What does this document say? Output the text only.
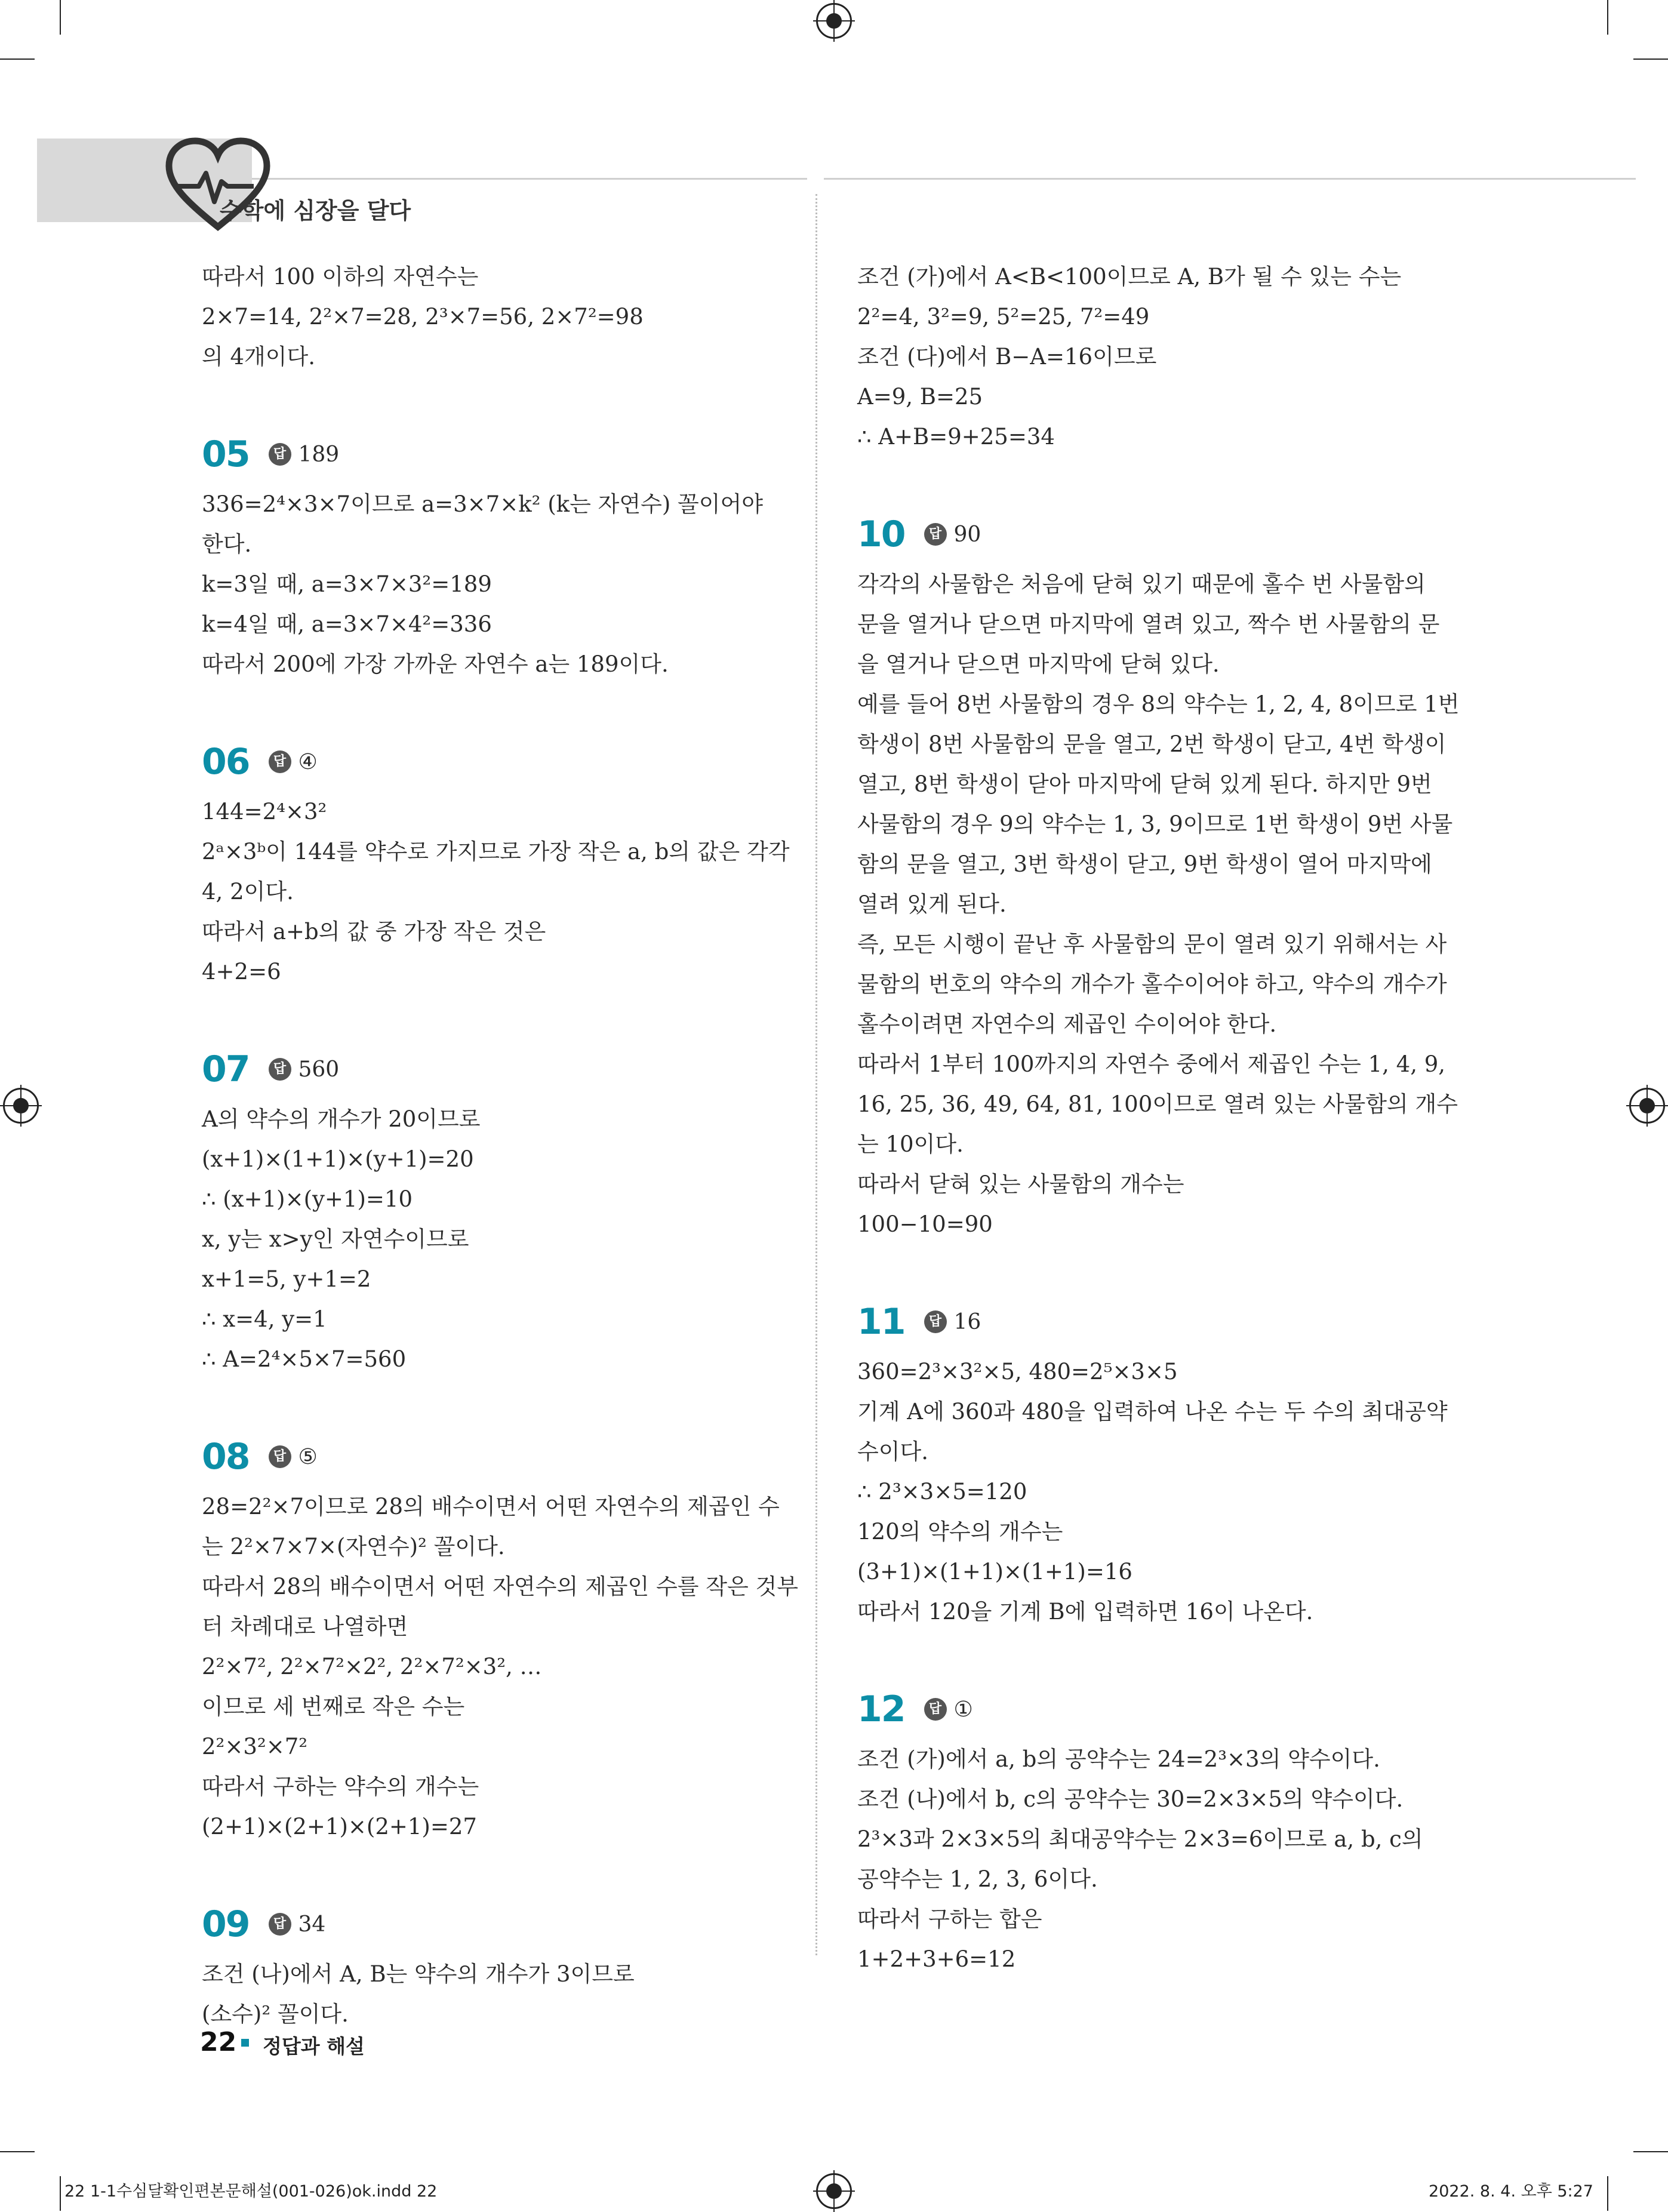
수학에 심장을 달다
따라서 100 이하의 자연수는
2×7=14, 2²×7=28, 2³×7=56, 2×7²=98
의 4개이다.
05	답 189
336=2⁴×3×7이므로 a=3×7×k² (k는 자연수) 꼴이어야
한다.
k=3일 때, a=3×7×3²=189
k=4일 때, a=3×7×4²=336
따라서 200에 가장 가까운 자연수 a는 189이다.
06	답 ④
144=2⁴×3²
2ᵃ×3ᵇ이 144를 약수로 가지므로 가장 작은 a, b의 값은 각각
4, 2이다.
따라서 a+b의 값 중 가장 작은 것은
4+2=6
07	답 560
A의 약수의 개수가 20이므로
(x+1)×(1+1)×(y+1)=20
∴ (x+1)×(y+1)=10
x, y는 x>y인 자연수이므로
x+1=5, y+1=2
∴ x=4, y=1
∴ A=2⁴×5×7=560
08	답 ⑤
28=2²×7이므로 28의 배수이면서 어떤 자연수의 제곱인 수
는 2²×7×7×(자연수)² 꼴이다.
따라서 28의 배수이면서 어떤 자연수의 제곱인 수를 작은 것부
터 차례대로 나열하면
2²×7², 2²×7²×2², 2²×7²×3², …
이므로 세 번째로 작은 수는
2²×3²×7²
따라서 구하는 약수의 개수는
(2+1)×(2+1)×(2+1)=27
09	답 34
조건 (나)에서 A, B는 약수의 개수가 3이므로
(소수)² 꼴이다.
조건 (가)에서 A<B<100이므로 A, B가 될 수 있는 수는
2²=4, 3²=9, 5²=25, 7²=49
조건 (다)에서 B−A=16이므로
A=9, B=25
∴ A+B=9+25=34
10	답 90
각각의 사물함은 처음에 닫혀 있기 때문에 홀수 번 사물함의
문을 열거나 닫으면 마지막에 열려 있고, 짝수 번 사물함의 문
을 열거나 닫으면 마지막에 닫혀 있다.
예를 들어 8번 사물함의 경우 8의 약수는 1, 2, 4, 8이므로 1번
학생이 8번 사물함의 문을 열고, 2번 학생이 닫고, 4번 학생이
열고, 8번 학생이 닫아 마지막에 닫혀 있게 된다. 하지만 9번
사물함의 경우 9의 약수는 1, 3, 9이므로 1번 학생이 9번 사물
함의 문을 열고, 3번 학생이 닫고, 9번 학생이 열어 마지막에
열려 있게 된다.
즉, 모든 시행이 끝난 후 사물함의 문이 열려 있기 위해서는 사
물함의 번호의 약수의 개수가 홀수이어야 하고, 약수의 개수가
홀수이려면 자연수의 제곱인 수이어야 한다.
따라서 1부터 100까지의 자연수 중에서 제곱인 수는 1, 4, 9,
16, 25, 36, 49, 64, 81, 100이므로 열려 있는 사물함의 개수
는 10이다.
따라서 닫혀 있는 사물함의 개수는
100−10=90
11	답 16
360=2³×3²×5, 480=2⁵×3×5
기계 A에 360과 480을 입력하여 나온 수는 두 수의 최대공약
수이다.
∴ 2³×3×5=120
120의 약수의 개수는
(3+1)×(1+1)×(1+1)=16
따라서 120을 기계 B에 입력하면 16이 나온다.
12	답 ①
조건 (가)에서 a, b의 공약수는 24=2³×3의 약수이다.
조건 (나)에서 b, c의 공약수는 30=2×3×5의 약수이다.
2³×3과 2×3×5의 최대공약수는 2×3=6이므로 a, b, c의
공약수는 1, 2, 3, 6이다.
따라서 구하는 합은
1+2+3+6=12
22 정답과 해설
22 1-1수심달확인편본문해설(001-026)ok.indd 22	2022. 8. 4. 오후 5:27
